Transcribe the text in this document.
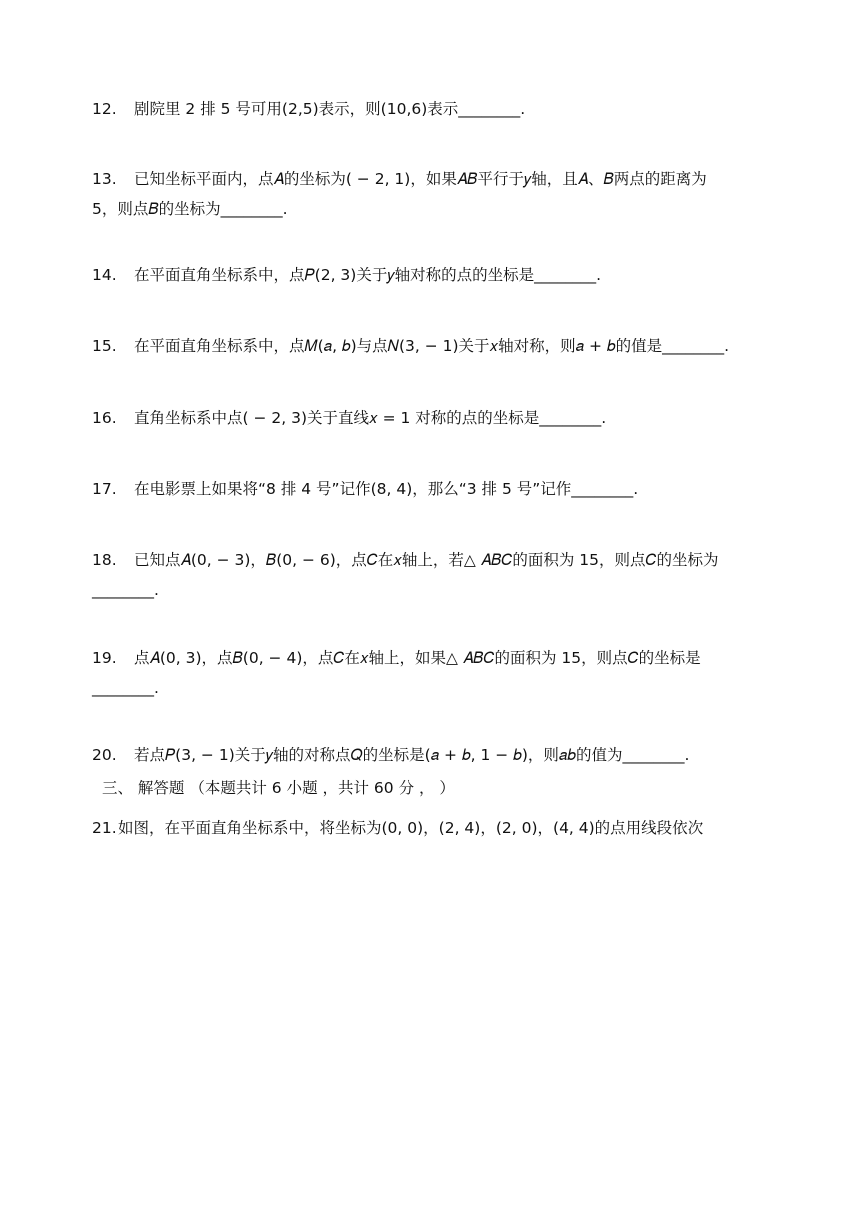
12. 剧院里 2 排 5 号可用(2,5)表示，则(10,6)表示________.
13. 已知坐标平面内，点𝐴的坐标为( − 2, 1)，如果𝐴𝐵平行于𝑦轴，且𝐴、𝐵两点的距离为
5，则点𝐵的坐标为________.
14. 在平面直角坐标系中，点𝑃(2, 3)关于𝑦轴对称的点的坐标是________.
15. 在平面直角坐标系中，点𝑀(𝑎, 𝑏)与点𝑁(3, − 1)关于𝑥轴对称，则𝑎 + 𝑏的值是________.
16. 直角坐标系中点( − 2, 3)关于直线𝑥 = 1 对称的点的坐标是________.
17. 在电影票上如果将“8 排 4 号”记作(8, 4)，那么“3 排 5 号”记作________.
18. 已知点𝐴(0, − 3)，𝐵(0, − 6)，点𝐶在𝑥轴上，若△ 𝐴𝐵𝐶的面积为 15，则点𝐶的坐标为
________.
19. 点𝐴(0, 3)，点𝐵(0, − 4)，点𝐶在𝑥轴上，如果△ 𝐴𝐵𝐶的面积为 15，则点𝐶的坐标是
________.
20. 若点𝑃(3, − 1)关于𝑦轴的对称点𝑄的坐标是(𝑎 + 𝑏, 1 − 𝑏)，则𝑎𝑏的值为________.
三、 解答题 （本题共计 6 小题 ，共计 60 分 ， ）
21.如图，在平面直角坐标系中，将坐标为(0, 0)，(2, 4)，(2, 0)，(4, 4)的点用线段依次
